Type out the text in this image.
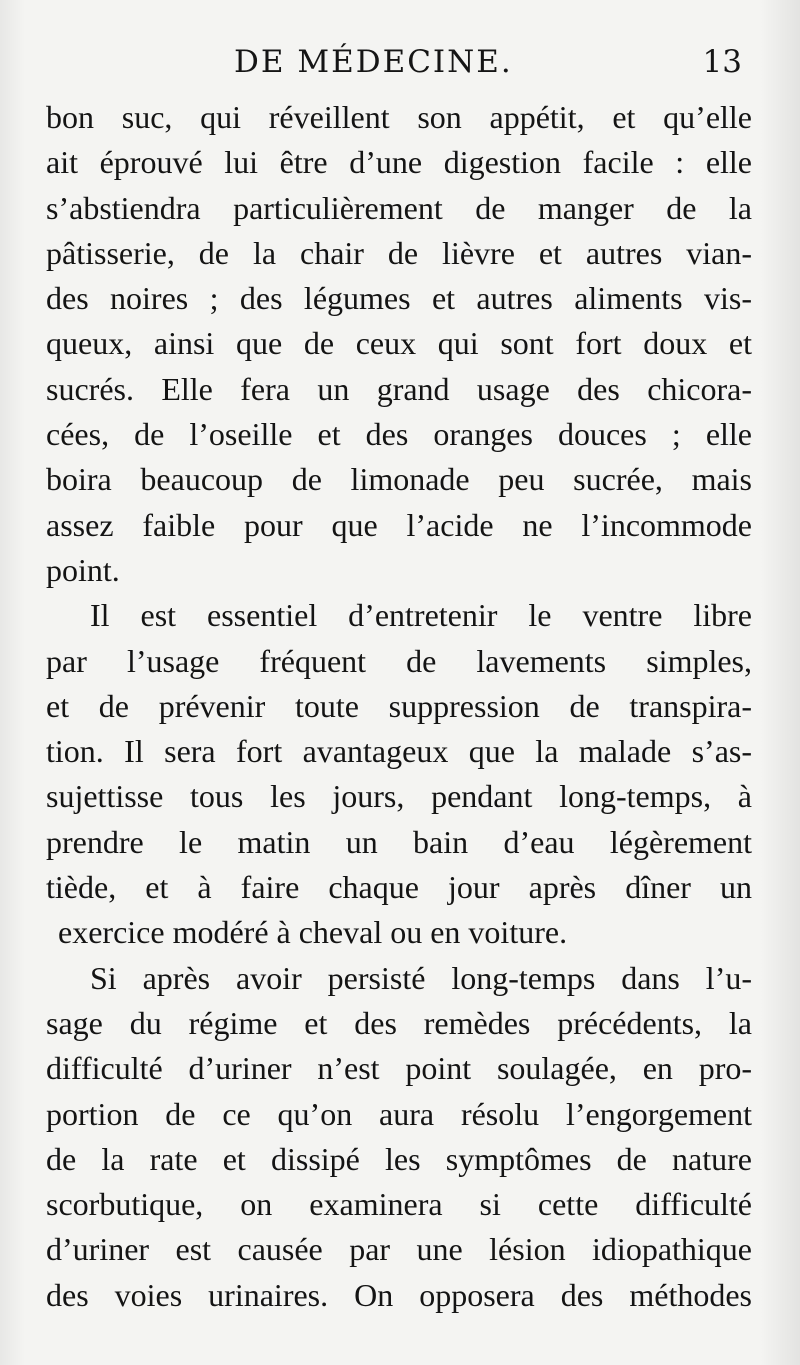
DE MÉDECINE.	13
bon suc, qui réveillent son appétit, et qu’elle
ait éprouvé lui être d’une digestion facile : elle
s’abstiendra particulièrement de manger de la
pâtisserie, de la chair de lièvre et autres vian-
des noires ; des légumes et autres aliments vis-
queux, ainsi que de ceux qui sont fort doux et
sucrés. Elle fera un grand usage des chicora-
cées, de l’oseille et des oranges douces ; elle
boira beaucoup de limonade peu sucrée, mais
assez faible pour que l’acide ne l’incommode
point.
Il est essentiel d’entretenir le ventre libre
par l’usage fréquent de lavements simples,
et de prévenir toute suppression de transpira-
tion. Il sera fort avantageux que la malade s’as-
sujettisse tous les jours, pendant long-temps, à
prendre le matin un bain d’eau légèrement
tiède, et à faire chaque jour après dîner un
exercice modéré à cheval ou en voiture.
Si après avoir persisté long-temps dans l’u-
sage du régime et des remèdes précédents, la
difficulté d’uriner n’est point soulagée, en pro-
portion de ce qu’on aura résolu l’engorgement
de la rate et dissipé les symptômes de nature
scorbutique, on examinera si cette difficulté
d’uriner est causée par une lésion idiopathique
des voies urinaires. On opposera des méthodes
